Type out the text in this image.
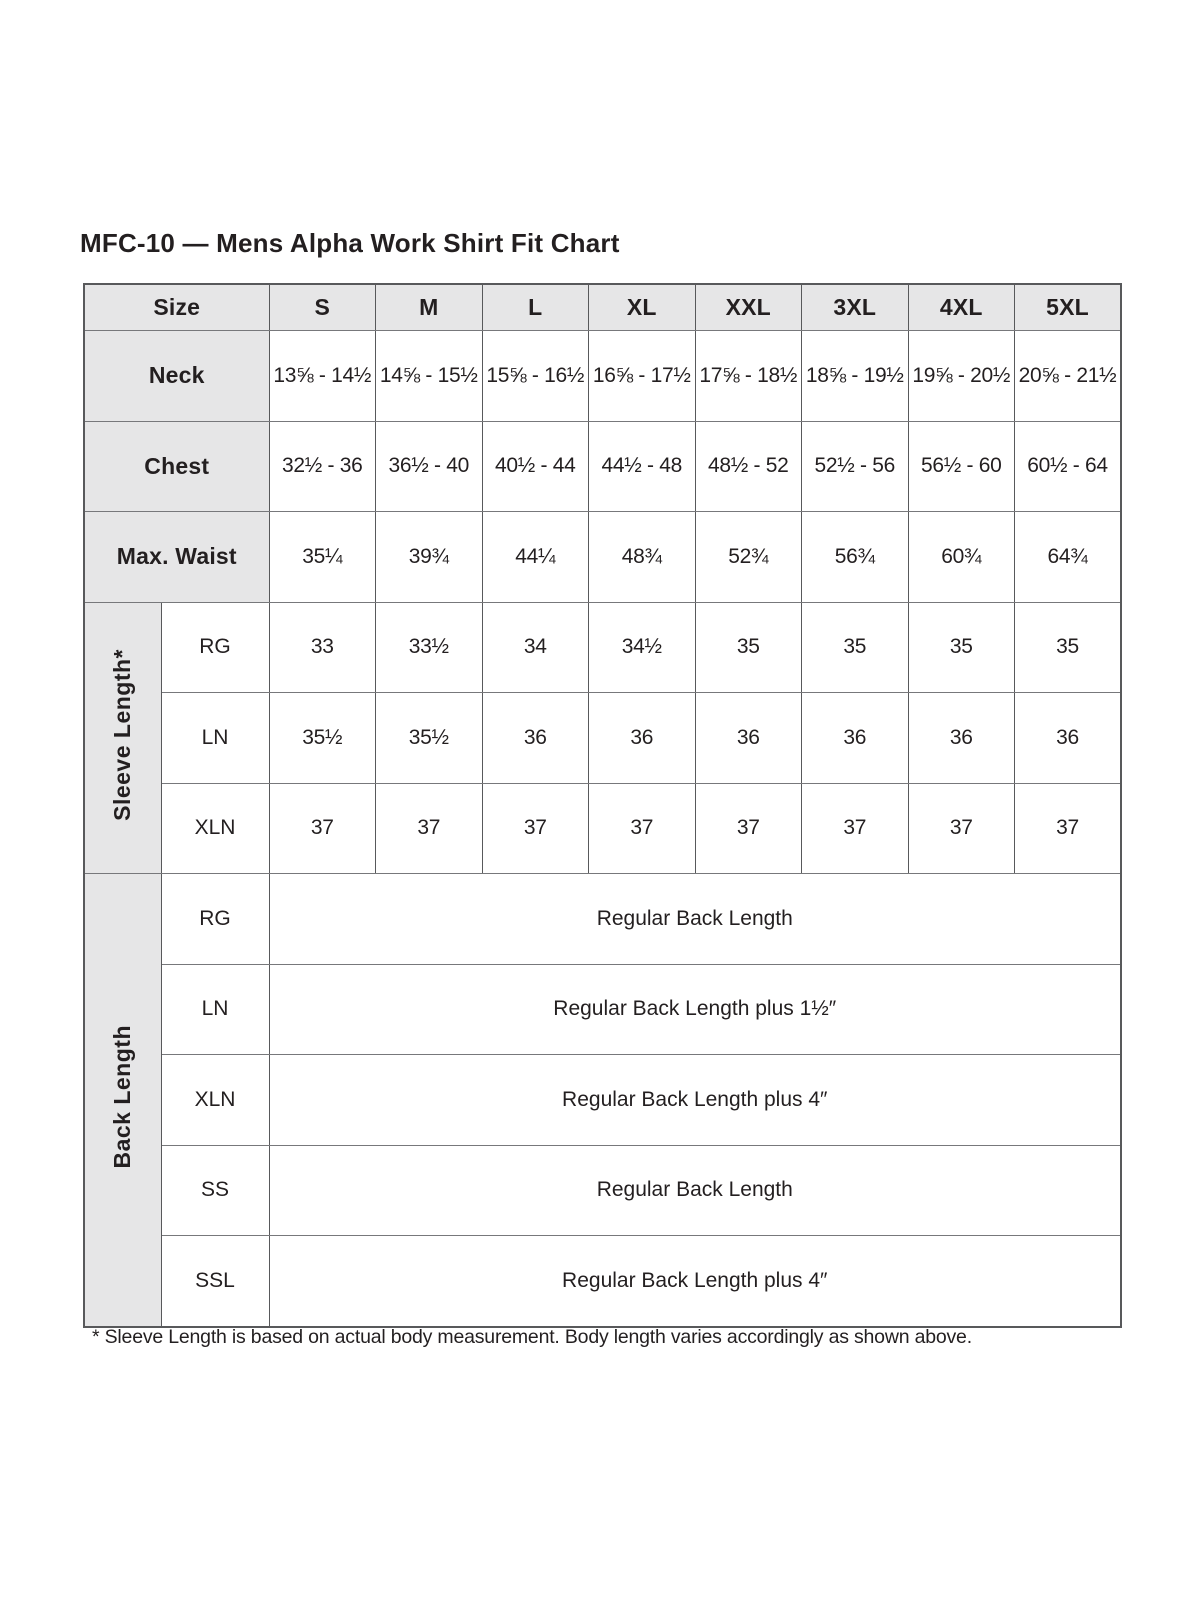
MFC-10 — Mens Alpha Work Shirt Fit Chart
Size		S	M	L	XL	XXL	3XL	4XL	5XL
Neck		13⅝ - 14½	14⅝ - 15½	15⅝ - 16½	16⅝ - 17½	17⅝ - 18½	18⅝ - 19½	19⅝ - 20½	20⅝ - 21½
Chest		32½ - 36	36½ - 40	40½ - 44	44½ - 48	48½ - 52	52½ - 56	56½ - 60	60½ - 64
Max. Waist		35¼	39¾	44¼	48¾	52¾	56¾	60¾	64¾
Sleeve Length*	RG	33	33½	34	34½	35	35	35	35
	LN	35½	35½	36	36	36	36	36	36
	XLN	37	37	37	37	37	37	37	37
Back Length	RG	Regular Back Length							
	LN	Regular Back Length plus 1½″							
	XLN	Regular Back Length plus 4″							
	SS	Regular Back Length							
	SSL	Regular Back Length plus 4″							

* Sleeve Length is based on actual body measurement. Body length varies accordingly as shown above.
